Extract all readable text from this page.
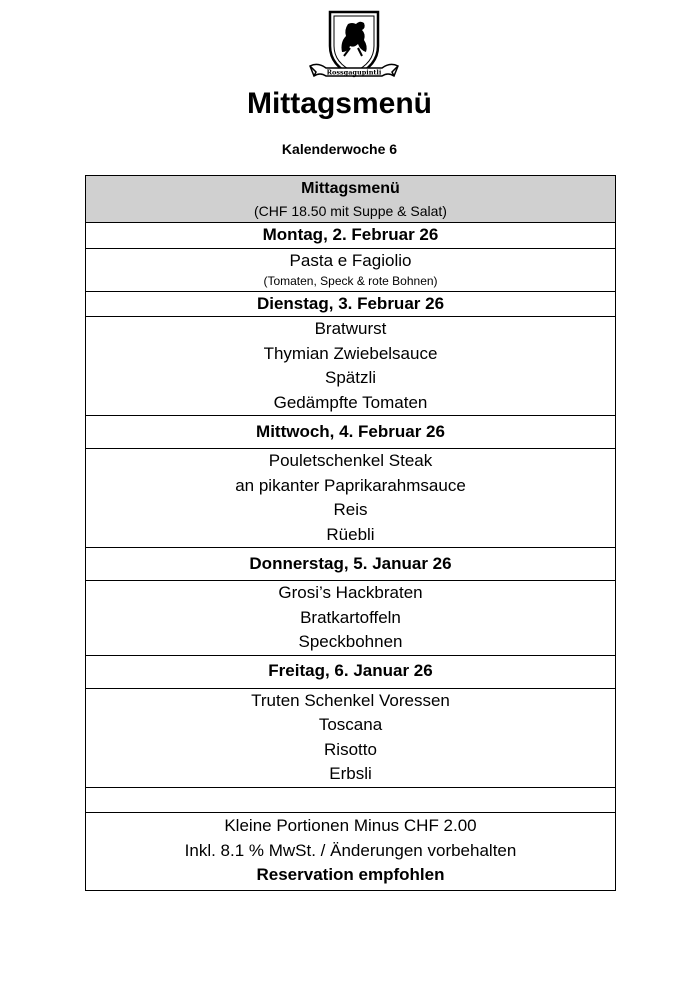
Rossgagupintli
Mittagsmenü
Kalenderwoche 6
Mittagsmenü
(CHF 18.50 mit Suppe & Salat)

Montag, 2. Februar 26

Pasta e Fagiolio
(Tomaten, Speck & rote Bohnen)

Dienstag, 3. Februar 26

Bratwurst
Thymian Zwiebelsauce
Spätzli
Gedämpfte Tomaten

Mittwoch, 4. Februar 26

Pouletschenkel Steak
an pikanter Paprikarahmsauce
Reis
Rüebli

Donnerstag, 5. Januar 26

Grosi’s Hackbraten
Bratkartoffeln
Speckbohnen

Freitag, 6. Januar 26

Truten Schenkel Voressen
Toscana
Risotto
Erbsli

Kleine Portionen Minus CHF 2.00
Inkl. 8.1 % MwSt. / Änderungen vorbehalten
Reservation empfohlen
